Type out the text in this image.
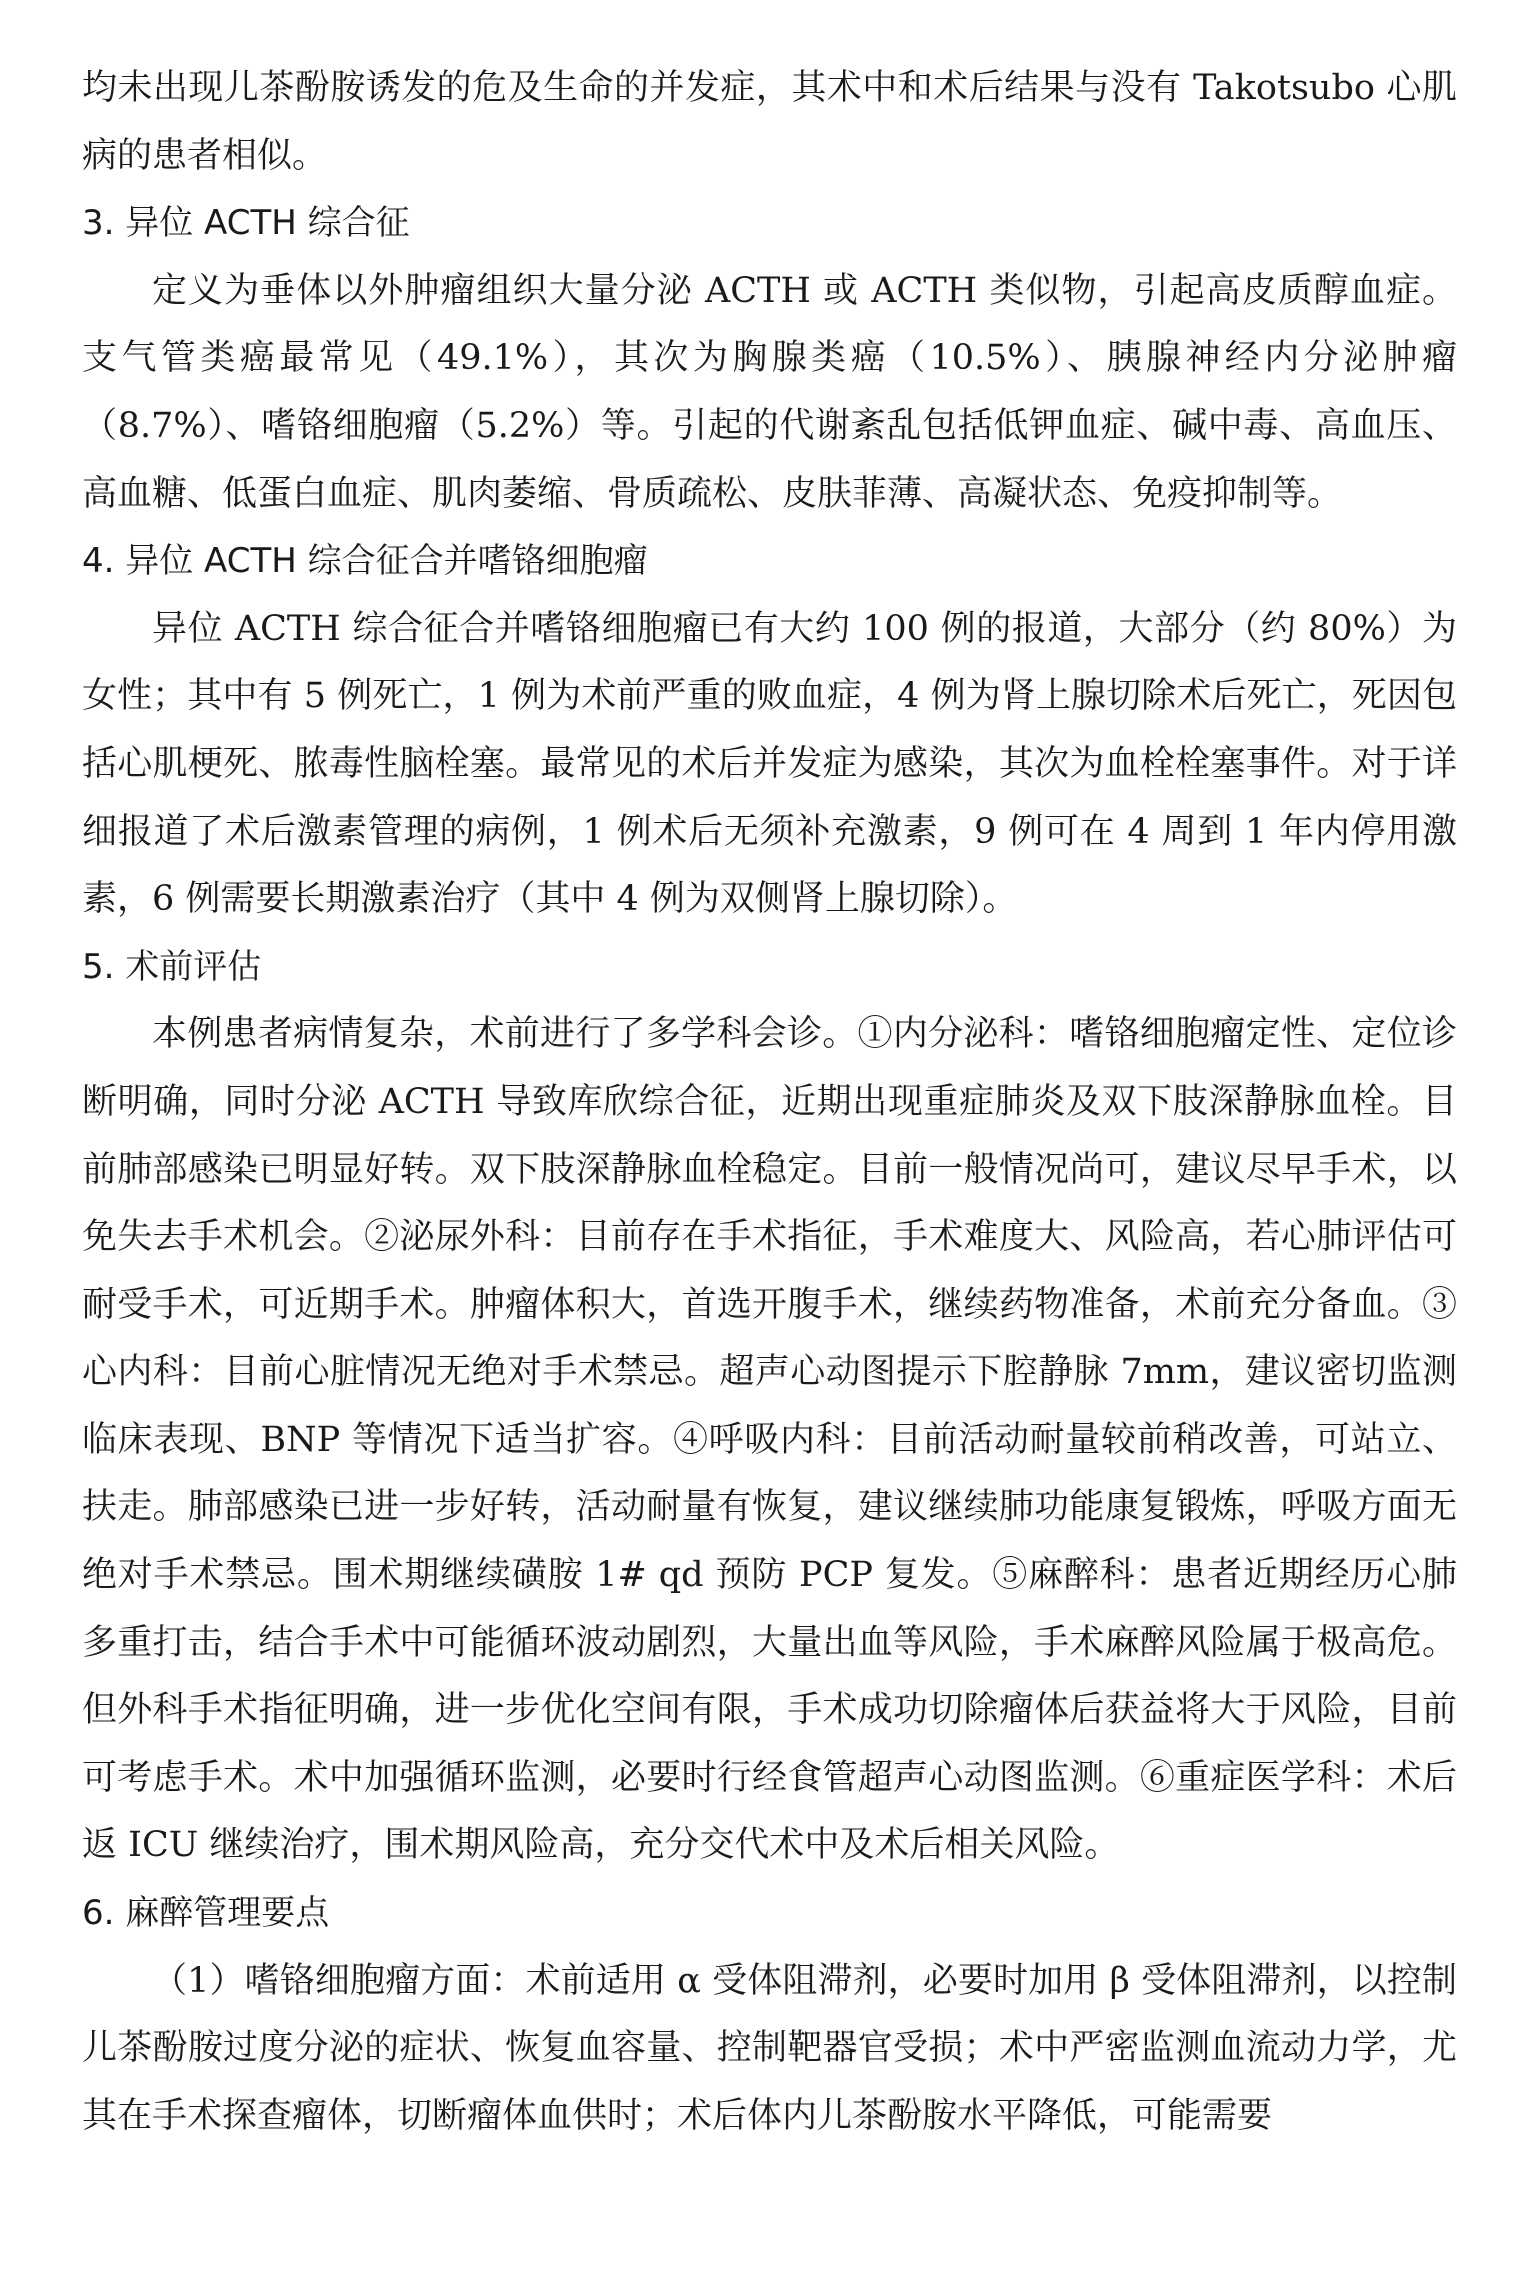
均未出现儿茶酚胺诱发的危及生命的并发症，其术中和术后结果与没有 Takotsubo 心肌病的患者相似。

3. 异位 ACTH 综合征

定义为垂体以外肿瘤组织大量分泌 ACTH 或 ACTH 类似物，引起高皮质醇血症。支气管类癌最常见（49.1%），其次为胸腺类癌（10.5%）、胰腺神经内分泌肿瘤（8.7%）、嗜铬细胞瘤（5.2%）等。引起的代谢紊乱包括低钾血症、碱中毒、高血压、高血糖、低蛋白血症、肌肉萎缩、骨质疏松、皮肤菲薄、高凝状态、免疫抑制等。

4. 异位 ACTH 综合征合并嗜铬细胞瘤

异位 ACTH 综合征合并嗜铬细胞瘤已有大约 100 例的报道，大部分（约 80%）为女性；其中有 5 例死亡，1 例为术前严重的败血症，4 例为肾上腺切除术后死亡，死因包括心肌梗死、脓毒性脑栓塞。最常见的术后并发症为感染，其次为血栓栓塞事件。对于详细报道了术后激素管理的病例，1 例术后无须补充激素，9 例可在 4 周到 1 年内停用激素，6 例需要长期激素治疗（其中 4 例为双侧肾上腺切除）。

5. 术前评估

本例患者病情复杂，术前进行了多学科会诊。①内分泌科：嗜铬细胞瘤定性、定位诊断明确，同时分泌 ACTH 导致库欣综合征，近期出现重症肺炎及双下肢深静脉血栓。目前肺部感染已明显好转。双下肢深静脉血栓稳定。目前一般情况尚可，建议尽早手术，以免失去手术机会。②泌尿外科：目前存在手术指征，手术难度大、风险高，若心肺评估可耐受手术，可近期手术。肿瘤体积大，首选开腹手术，继续药物准备，术前充分备血。③心内科：目前心脏情况无绝对手术禁忌。超声心动图提示下腔静脉 7mm，建议密切监测临床表现、BNP 等情况下适当扩容。④呼吸内科：目前活动耐量较前稍改善，可站立、扶走。肺部感染已进一步好转，活动耐量有恢复，建议继续肺功能康复锻炼，呼吸方面无绝对手术禁忌。围术期继续磺胺 1# qd 预防 PCP 复发。⑤麻醉科：患者近期经历心肺多重打击，结合手术中可能循环波动剧烈，大量出血等风险，手术麻醉风险属于极高危。但外科手术指征明确，进一步优化空间有限，手术成功切除瘤体后获益将大于风险，目前可考虑手术。术中加强循环监测，必要时行经食管超声心动图监测。⑥重症医学科：术后返 ICU 继续治疗，围术期风险高，充分交代术中及术后相关风险。

6. 麻醉管理要点

（1）嗜铬细胞瘤方面：术前适用 α 受体阻滞剂，必要时加用 β 受体阻滞剂，以控制儿茶酚胺过度分泌的症状、恢复血容量、控制靶器官受损；术中严密监测血流动力学，尤其在手术探查瘤体，切断瘤体血供时；术后体内儿茶酚胺水平降低，可能需要
